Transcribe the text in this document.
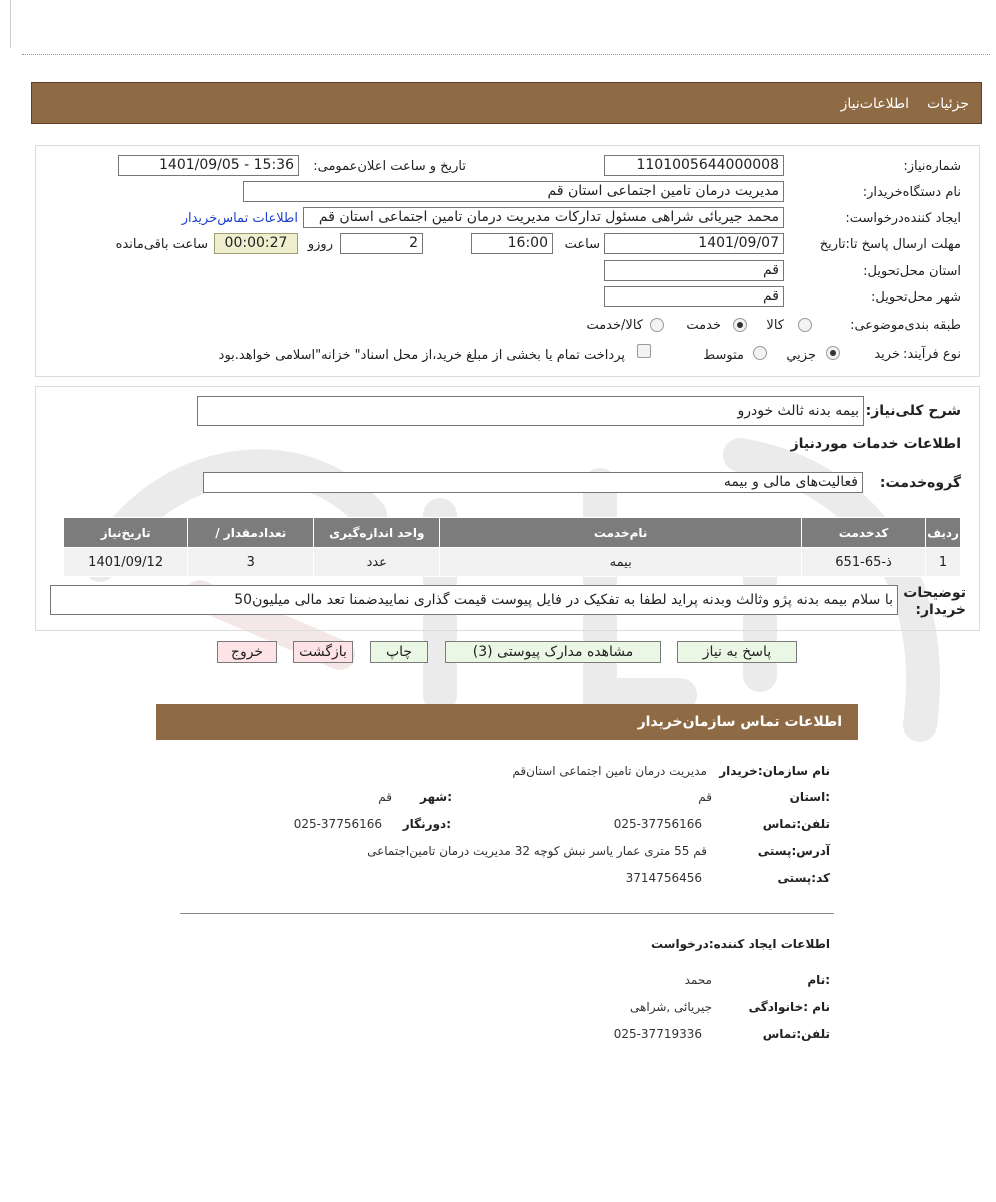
جزئیات
اطلاعات‌نیاز
شماره‌نیاز:
1101005644000008
تاریخ و ساعت اعلان‌عمومی:
1401/09/05 - 15:36
نام دستگاه‌خریدار:
مدیریت درمان تامین اجتماعی استان قم
ایجاد کننده‌درخواست:
محمد جیریائی شراهی مسئول تدارکات مدیریت درمان تامین اجتماعی استان قم
اطلاعات تماس‌خریدار
مهلت ارسال پاسخ تا:تاریخ
1401/09/07
ساعت
16:00
2
روزو
00:00:27
ساعت باقی‌مانده
استان محل‌تحویل:
قم
شهر محل‌تحویل:
قم
طبقه بندی‌موضوعی:
کالا
خدمت
کالا/خدمت
نوع فرآیند:
خرید
جزيي
متوسط
پرداخت تمام یا بخشی از مبلغ خرید،از محل اسناد" خزانه"اسلامی خواهد.بود
شرح کلی‌نیاز:
بیمه بدنه ثالث خودرو
اطلاعات خدمات مورد‌نیاز
گروه‌خدمت:
فعالیت‌های مالی و بیمه
ردیف	کدخدمت	نام‌خدمت	واحد اندازه‌گیری	تعداد‌مقدار /	تاریخ‌نیاز
1	ذ-65-651	بیمه	عدد	3	1401/09/12
توضیحات خریدار:
با سلام بیمه بدنه پژو وثالث وبدنه پراید لطفا به تفکیک در فایل پیوست قیمت گذاری نمایید‌ضمنا تعد مالی میلیون50
پاسخ به نیاز
مشاهده مدارک پیوستی (3)
چاپ
بازگشت
خروج
اطلاعات تماس سازمان‌خریدار
نام سازمان:خریدار
مدیریت درمان تامین اجتماعی استان‌قم
:استان
قم
:شهر
قم
تلفن:تماس
025-37756166
:دورنگار
025-37756166
آدرس:پستی
قم 55 متری عمار یاسر نبش کوچه 32 مدیریت درمان تامین‌اجتماعی
کد:پستی
3714756456
اطلاعات ایجاد کننده:درخواست
:نام
محمد
نام :خانوادگی
جیریائی ,شراهی
تلفن:تماس
025-37719336
